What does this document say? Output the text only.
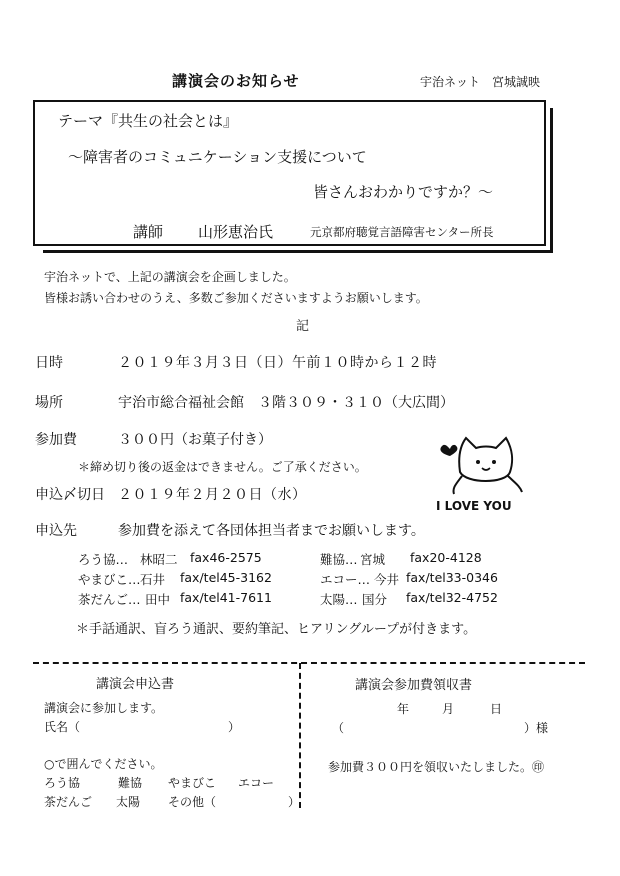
講演会のお知らせ	宇治ネット　宮城誠映
テーマ『共生の社会とは』
～障害者のコミュニケーション支援について
皆さんおわかりですか？～
講師 山形恵治氏	元京都府聴覚言語障害センター所長
宇治ネットで、上記の講演会を企画しました。
皆様お誘い合わせのうえ、多数ご参加くださいますようお願いします。
記
日時	２０１９年３月３日（日）午前１０時から１２時
場所	宇治市総合福祉会館　３階３０９・３１０（大広間）
参加費	３００円（お菓子付き）
＊締め切り後の返金はできません。ご了承ください。
申込〆切日 ２０１９年２月２０日（水）
申込先	参加費を添えて各団体担当者までお願いします。
ろう協… 林昭二 fax46-2575	難協… 宮城 fax20-4128
やまびこ… 石井 fax/tel45-3162	エコー… 今井 fax/tel33-0346
茶だんご… 田中 fax/tel41-7611	太陽… 国分 fax/tel32-4752
＊手話通訳、盲ろう通訳、要約筆記、ヒアリングループが付きます。
I LOVE YOU
講演会申込書
講演会に参加します。
氏名（	）
○で囲んでください。
ろう協	難協 やまびこ エコー
茶だんご 太陽 その他（	）
講演会参加費領収書
年	月	日
（	）様
参加費３００円を領収いたしました。㊞
